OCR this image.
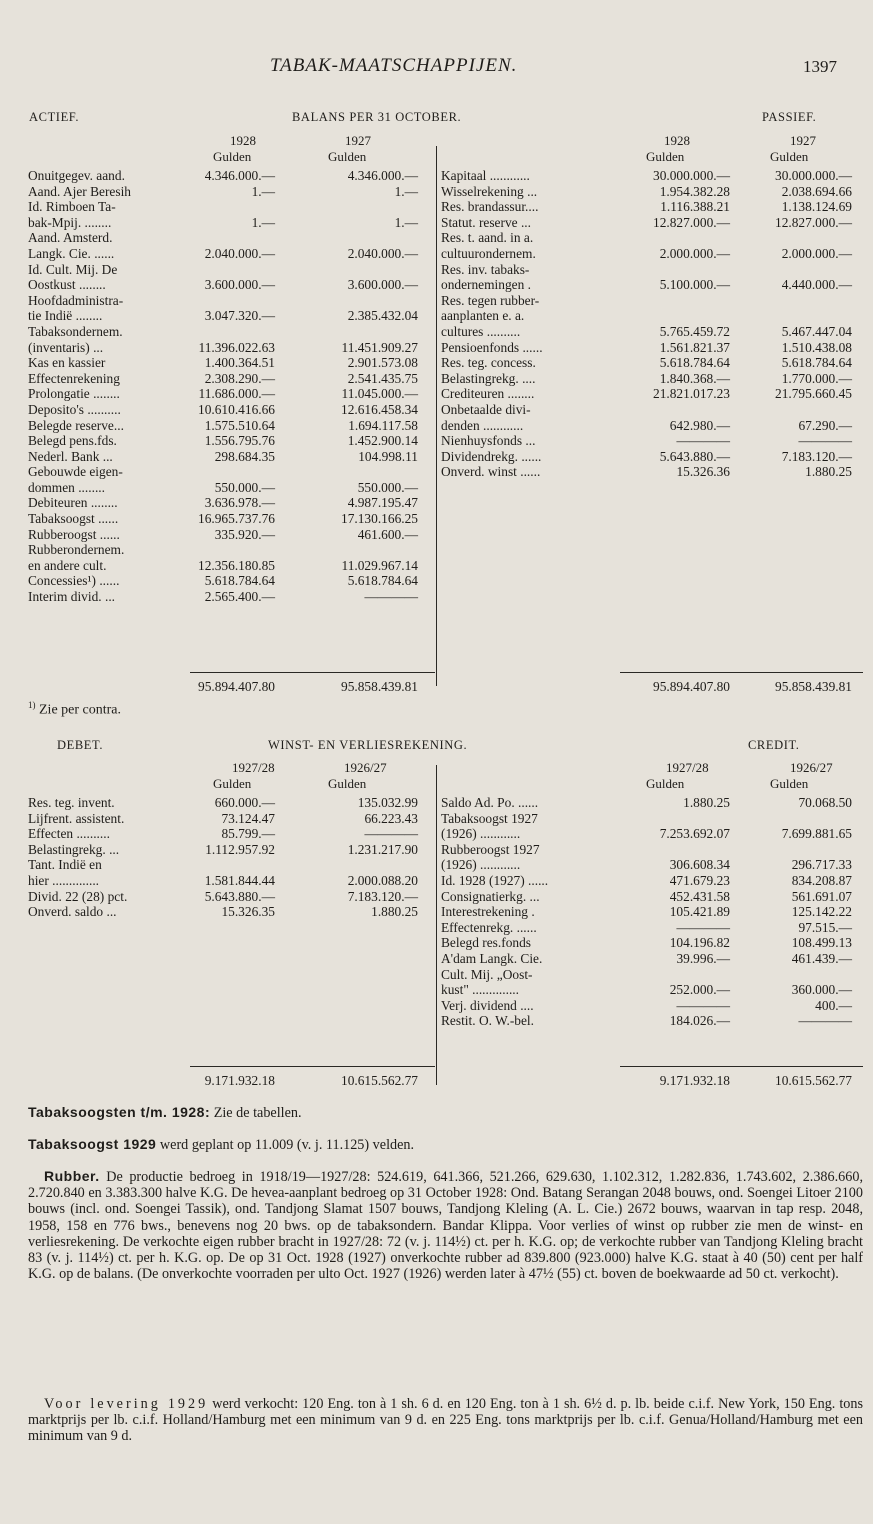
TABAK-MAATSCHAPPIJEN.	1397
ACTIEF.	BALANS PER 31 OCTOBER.	PASSIEF.
1928
Gulden
1927
Gulden
1928
Gulden
1927
Gulden
Onuitgegev. aand.	4.346.000.—	4.346.000.—
Aand. Ajer Beresih	1.—	1.—
Id. Rimboen Ta-
bak-Mpij. ........	1.—	1.—
Aand. Amsterd.
Langk. Cie. ......	2.040.000.—	2.040.000.—
Id. Cult. Mij. De
Oostkust ........	3.600.000.—	3.600.000.—
Hoofdadministra-
tie Indië ........	3.047.320.—	2.385.432.04
Tabaksondernem.
(inventaris) ...	11.396.022.63	11.451.909.27
Kas en kassier	1.400.364.51	2.901.573.08
Effectenrekening	2.308.290.—	2.541.435.75
Prolongatie ........	11.686.000.—	11.045.000.—
Deposito's ..........	10.610.416.66	12.616.458.34
Belegde reserve...	1.575.510.64	1.694.117.58
Belegd pens.fds.	1.556.795.76	1.452.900.14
Nederl. Bank ...	298.684.35	104.998.11
Gebouwde eigen-
dommen ........	550.000.—	550.000.—
Debiteuren ........	3.636.978.—	4.987.195.47
Tabaksoogst ......	16.965.737.76	17.130.166.25
Rubberoogst ......	335.920.—	461.600.—
Rubberondernem.
en andere cult.	12.356.180.85	11.029.967.14
Concessies¹) ......	5.618.784.64	5.618.784.64
Interim divid. ...	2.565.400.—	————
Kapitaal ............	30.000.000.—	30.000.000.—
Wisselrekening ...	1.954.382.28	2.038.694.66
Res. brandassur....	1.116.388.21	1.138.124.69
Statut. reserve ...	12.827.000.—	12.827.000.—
Res. t. aand. in a.
cultuurondernem.	2.000.000.—	2.000.000.—
Res. inv. tabaks-
ondernemingen .	5.100.000.—	4.440.000.—
Res. tegen rubber-
aanplanten e. a.
cultures ..........	5.765.459.72	5.467.447.04
Pensioenfonds ......	1.561.821.37	1.510.438.08
Res. teg. concess.	5.618.784.64	5.618.784.64
Belastingrekg. ....	1.840.368.—	1.770.000.—
Crediteuren ........	21.821.017.23	21.795.660.45
Onbetaalde divi-
denden ............	642.980.—	67.290.—
Nienhuysfonds ...	————	————
Dividendrekg. ......	5.643.880.—	7.183.120.—
Onverd. winst ......	15.326.36	1.880.25
95.894.407.80	95.858.439.81	95.894.407.80	95.858.439.81
$^{1)}$ Zie per contra.
DEBET.	WINST- EN VERLIESREKENING.	CREDIT.
1927/28
Gulden
1926/27
Gulden
1927/28
Gulden
1926/27
Gulden
Res. teg. invent.	660.000.—	135.032.99
Lijfrent. assistent.	73.124.47	66.223.43
Effecten ..........	85.799.—	————
Belastingrekg. ...	1.112.957.92	1.231.217.90
Tant. Indië en
hier ..............	1.581.844.44	2.000.088.20
Divid. 22 (28) pct.	5.643.880.—	7.183.120.—
Onverd. saldo ...	15.326.35	1.880.25
Saldo Ad. Po. ......	1.880.25	70.068.50
Tabaksoogst 1927
(1926) ............	7.253.692.07	7.699.881.65
Rubberoogst 1927
(1926) ............	306.608.34	296.717.33
Id. 1928 (1927) ......	471.679.23	834.208.87
Consignatierkg. ...	452.431.58	561.691.07
Interestrekening .	105.421.89	125.142.22
Effectenrekg. ......	————	97.515.—
Belegd res.fonds	104.196.82	108.499.13
A'dam Langk. Cie.	39.996.—	461.439.—
Cult. Mij. „Oost-
kust" ..............	252.000.—	360.000.—
Verj. dividend ....	————	400.—
Restit. O. W.-bel.	184.026.—	————
9.171.932.18	10.615.562.77	9.171.932.18	10.615.562.77
Tabaksoogsten t/m. 1928: Zie de tabellen.
Tabaksoogst 1929 werd geplant op 11.009 (v. j. 11.125) velden.
Rubber. De productie bedroeg in 1918/19—1927/28: 524.619, 641.366, 521.266, 629.630, 1.102.312, 1.282.836, 1.743.602, 2.386.660, 2.720.840 en 3.383.300 halve K.G. De hevea-aanplant bedroeg op 31 October 1928: Ond. Batang Serangan 2048 bouws, ond. Soengei Litoer 2100 bouws (incl. ond. Soengei Tassik), ond. Tandjong Slamat 1507 bouws, Tandjong Kleling (A. L. Cie.) 2672 bouws, waarvan in tap resp. 2048, 1958, 158 en 776 bws., benevens nog 20 bws. op de tabaksondern. Bandar Klippa. Voor verlies of winst op rubber zie men de winst- en verliesrekening. De verkochte eigen rubber bracht in 1927/28: 72 (v. j. 114½) ct. per h. K.G. op; de verkochte rubber van Tandjong Kleling bracht 83 (v. j. 114½) ct. per h. K.G. op. De op 31 Oct. 1928 (1927) onverkochte rubber ad 839.800 (923.000) halve K.G. staat à 40 (50) cent per half K.G. op de balans. (De onverkochte voorraden per ulto Oct. 1927 (1926) werden later à 47½ (55) ct. boven de boekwaarde ad 50 ct. verkocht).
Voor levering 1929 werd verkocht: 120 Eng. ton à 1 sh. 6 d. en 120 Eng. ton à 1 sh. 6½ d. p. lb. beide c.i.f. New York, 150 Eng. tons marktprijs per lb. c.i.f. Holland/Hamburg met een minimum van 9 d. en 225 Eng. tons marktprijs per lb. c.i.f. Genua/Holland/Hamburg met een minimum van 9 d.
